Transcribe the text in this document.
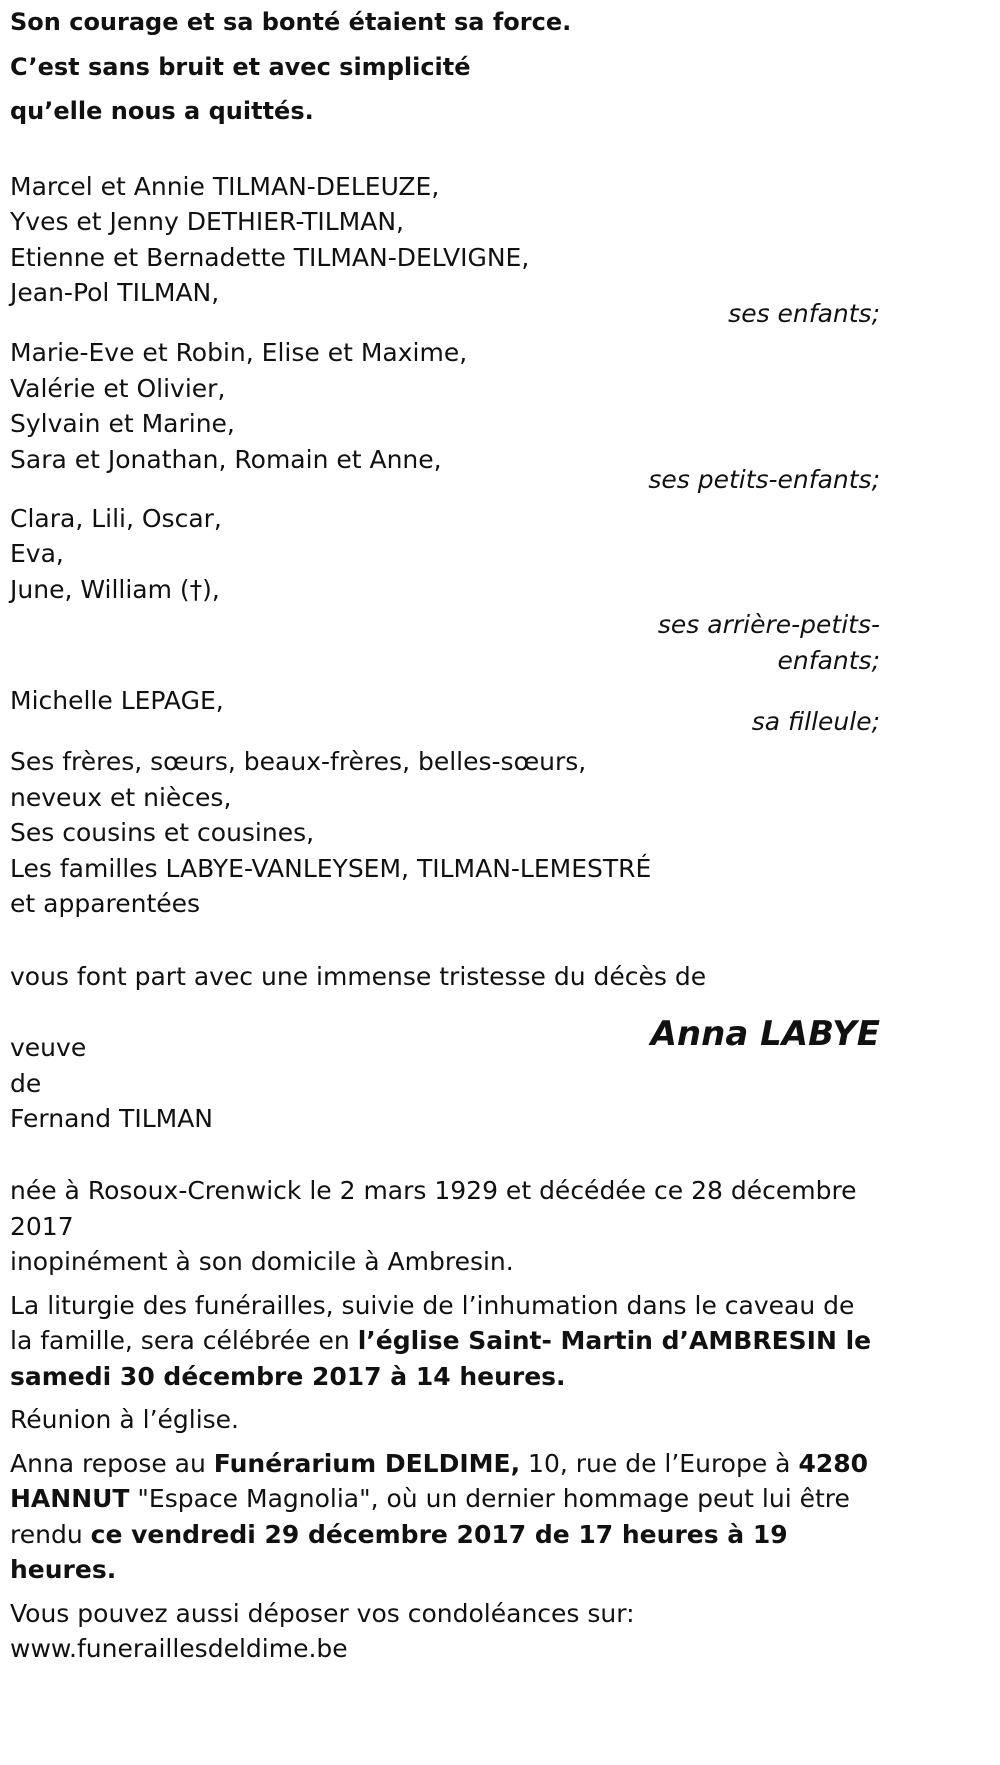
Son courage et sa bonté étaient sa force.
C’est sans bruit et avec simplicité
qu’elle nous a quittés.
Marcel et Annie TILMAN-DELEUZE,
Yves et Jenny DETHIER-TILMAN,
Etienne et Bernadette TILMAN-DELVIGNE,
Jean-Pol TILMAN,
ses enfants;
Marie-Eve et Robin, Elise et Maxime,
Valérie et Olivier,
Sylvain et Marine,
Sara et Jonathan, Romain et Anne,
ses petits-enfants;
Clara, Lili, Oscar,
Eva,
June, William (†),
ses arrière-petits-
enfants;
Michelle LEPAGE,
sa filleule;
Ses frères, sœurs, beaux-frères, belles-sœurs,
neveux et nièces,
Ses cousins et cousines,
Les familles LABYE-VANLEYSEM, TILMAN-LEMESTRÉ
et apparentées
vous font part avec une immense tristesse du décès de
veuve
de
Fernand TILMAN
Anna LABYE
née à Rosoux-Crenwick le 2 mars 1929 et décédée ce 28 décembre 2017
inopinément à son domicile à Ambresin.
La liturgie des funérailles, suivie de l’inhumation dans le caveau de la famille, sera célébrée en l’église Saint- Martin d’AMBRESIN le samedi 30 décembre 2017 à 14 heures.
Réunion à l’église.
Anna repose au Funérarium DELDIME, 10, rue de l’Europe à 4280 HANNUT "Espace Magnolia", où un dernier hommage peut lui être rendu ce vendredi 29 décembre 2017 de 17 heures à 19 heures.
Vous pouvez aussi déposer vos condoléances sur:
www.funeraillesdeldime.be
